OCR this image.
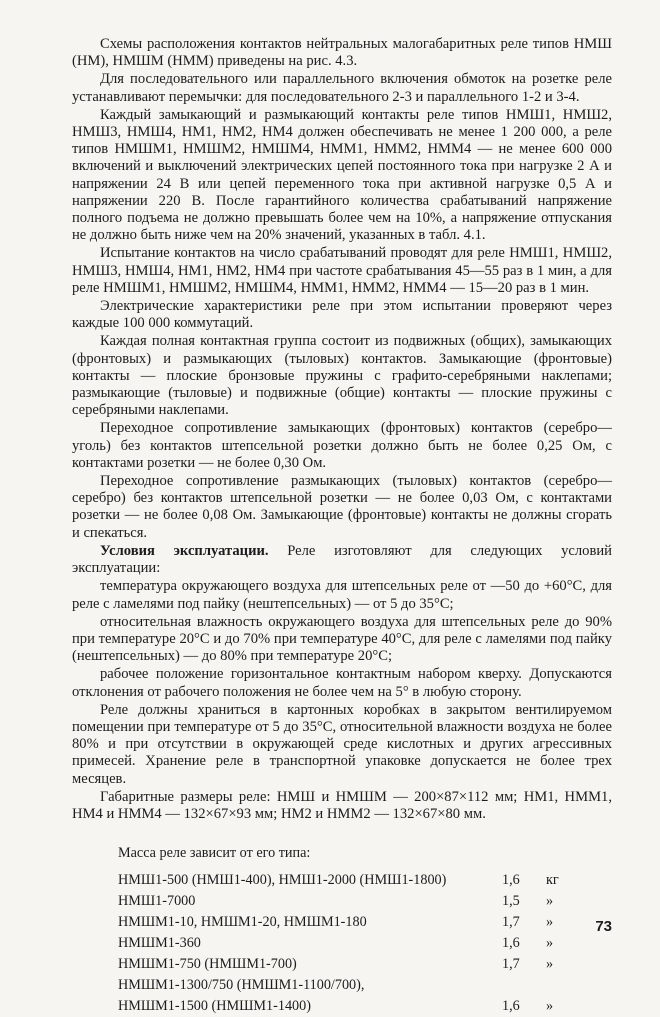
Схемы расположения контактов нейтральных малогабаритных реле типов НМШ (НМ), НМШМ (НММ) приведены на рис. 4.3.

Для последовательного или параллельного включения обмоток на розетке реле устанавливают перемычки: для последовательного 2-3 и параллельного 1-2 и 3-4.

Каждый замыкающий и размыкающий контакты реле типов НМШ1, НМШ2, НМШ3, НМШ4, НМ1, НМ2, НМ4 должен обеспечивать не менее 1 200 000, а реле типов НМШМ1, НМШМ2, НМШМ4, НММ1, НММ2, НММ4 — не менее 600 000 включений и выключений электрических цепей постоянного тока при нагрузке 2 А и напряжении 24 В или цепей переменного тока при активной нагрузке 0,5 А и напряжении 220 В. После гарантийного количества срабатываний напряжение полного подъема не должно превышать более чем на 10%, а напряжение отпускания не должно быть ниже чем на 20% значений, указанных в табл. 4.1.

Испытание контактов на число срабатываний проводят для реле НМШ1, НМШ2, НМШ3, НМШ4, НМ1, НМ2, НМ4 при частоте срабатывания 45—55 раз в 1 мин, а для реле НМШМ1, НМШМ2, НМШМ4, НММ1, НММ2, НММ4 — 15—20 раз в 1 мин.

Электрические характеристики реле при этом испытании проверяют через каждые 100 000 коммутаций.

Каждая полная контактная группа состоит из подвижных (общих), замыкающих (фронтовых) и размыкающих (тыловых) контактов. Замыкающие (фронтовые) контакты — плоские бронзовые пружины с графито-серебряными наклепами; размыкающие (тыловые) и подвижные (общие) контакты — плоские пружины с серебряными наклепами.

Переходное сопротивление замыкающих (фронтовых) контактов (серебро—уголь) без контактов штепсельной розетки должно быть не более 0,25 Ом, с контактами розетки — не более 0,30 Ом.

Переходное сопротивление размыкающих (тыловых) контактов (серебро—серебро) без контактов штепсельной розетки — не более 0,03 Ом, с контактами розетки — не более 0,08 Ом. Замыкающие (фронтовые) контакты не должны сгорать и спекаться.

Условия эксплуатации. Реле изготовляют для следующих условий эксплуатации:

температура окружающего воздуха для штепсельных реле от —50 до +60°С, для реле с ламелями под пайку (нештепсельных) — от 5 до 35°С;

относительная влажность окружающего воздуха для штепсельных реле до 90% при температуре 20°С и до 70% при температуре 40°С, для реле с ламелями под пайку (нештепсельных) — до 80% при температуре 20°С;

рабочее положение горизонтальное контактным набором кверху. Допускаются отклонения от рабочего положения не более чем на 5° в любую сторону.

Реле должны храниться в картонных коробках в закрытом вентилируемом помещении при температуре от 5 до 35°С, относительной влажности воздуха не более 80% и при отсутствии в окружающей среде кислотных и других агрессивных примесей. Хранение реле в транспортной упаковке допускается не более трех месяцев.

Габаритные размеры реле: НМШ и НМШМ — 200×87×112 мм; НМ1, НММ1, НМ4 и НММ4 — 132×67×93 мм; НМ2 и НММ2 — 132×67×80 мм.

Масса реле зависит от его типа:

НМШ1-500 (НМШ1-400), НМШ1-2000 (НМШ1-1800)	1,6	кг
НМШ1-7000	1,5	»
НМШМ1-10, НМШМ1-20, НМШМ1-180	1,7	»
НМШМ1-360	1,6	»
НМШМ1-750 (НМШМ1-700)	1,7	»
НМШМ1-1300/750 (НМШМ1-1100/700),		
НМШМ1-1500 (НМШМ1-1400)	1,6	»
73
